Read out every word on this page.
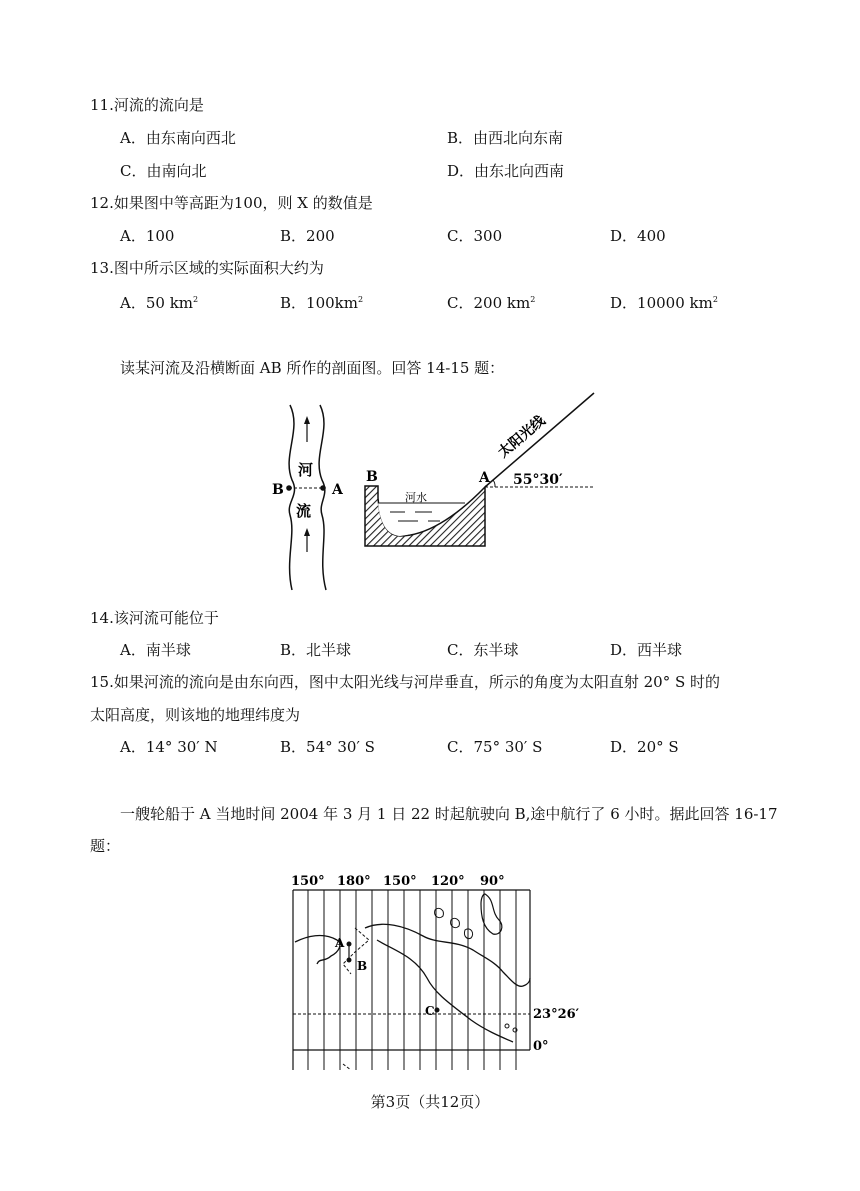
11.河流的流向是
A．由东南向西北	B．由西北向东南
C．由南向北	D．由东北向西南
12.如果图中等高距为100，则 X 的数值是
A．100	B．200	C．300	D．400
13.图中所示区域的实际面积大约为
A．50 $km^2$	B．$100km^2$	C．200 $km^2$	D．10000 $km^2$
读某河流及沿横断面 AB 所作的剖面图。回答 14-15 题：
河
流
B	A	河水
B	A 55°30′
太阳光线
14.该河流可能位于
A．南半球	B．北半球	C．东半球	D．西半球
15.如果河流的流向是由东向西，图中太阳光线与河岸垂直，所示的角度为太阳直射 20° S 时的
太阳高度，则该地的地理纬度为
A．14° 30′ N	B．54° 30′ S	C．75° 30′ S	D．20° S
一艘轮船于 A 当地时间 2004 年 3 月 1 日 22 时起航驶向 B,途中航行了 6 小时。据此回答 16-17
题：
150° 180° 150° 120° 90°
23°26′
0°
A
B
C
第3页（共12页）
